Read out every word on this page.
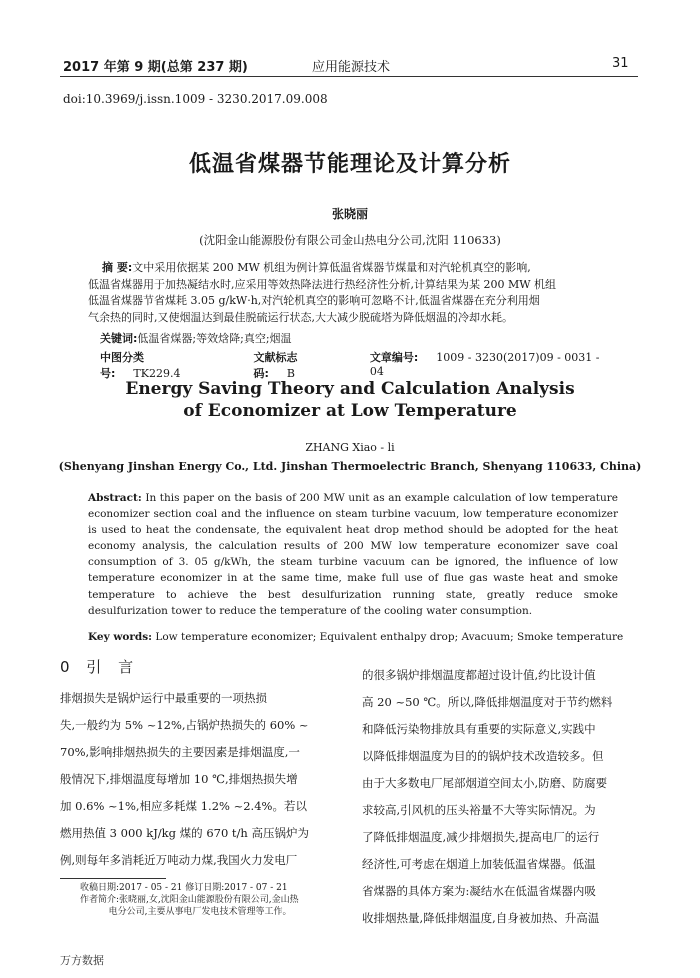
2017 年第 9 期(总第 237 期)	应用能源技术	31
doi:10.3969/j.issn.1009 - 3230.2017.09.008
低温省煤器节能理论及计算分析
张晓丽
(沈阳金山能源股份有限公司金山热电分公司,沈阳 110633)

摘 要:文中采用依据某 200 MW 机组为例计算低温省煤器节煤量和对汽轮机真空的影响,

低温省煤器用于加热凝结水时,应采用等效热降法进行热经济性分析,计算结果为某 200 MW 机组

低温省煤器节省煤耗 3.05 g/kW·h,对汽轮机真空的影响可忽略不计,低温省煤器在充分利用烟

气余热的同时,又使烟温达到最佳脱硫运行状态,大大减少脱硫塔为降低烟温的冷却水耗。

关键词:低温省煤器;等效焓降;真空;烟温
中图分类号: TK229.4
文献标志码: B
文章编号: 1009 - 3230(2017)09 - 0031 - 04
Energy Saving Theory and Calculation Analysis
of Economizer at Low Temperature
ZHANG Xiao - li
(Shenyang Jinshan Energy Co., Ltd. Jinshan Thermoelectric Branch, Shenyang 110633, China)

Abstract: In this paper on the basis of 200 MW unit as an example calculation of low temperature economizer section coal and the influence on steam turbine vacuum, low temperature economizer is used to heat the condensate, the equivalent heat drop method should be adopted for the heat economy analysis, the calculation results of 200 MW low temperature economizer save coal consumption of 3. 05 g/kWh, the steam turbine vacuum can be ignored, the influence of low temperature economizer in at the same time, make full use of flue gas waste heat and smoke temperature to achieve the best desulfurization running state, greatly reduce smoke desulfurization tower to reduce the temperature of the cooling water consumption.

Key words: Low temperature economizer; Equivalent enthalpy drop; Avacuum; Smoke temperature
0 引 言

排烟损失是锅炉运行中最重要的一项热损

失,一般约为 5% ~12%,占锅炉热损失的 60% ~

70%,影响排烟热损失的主要因素是排烟温度,一

般情况下,排烟温度每增加 10 ℃,排烟热损失增

加 0.6% ~1%,相应多耗煤 1.2% ~2.4%。若以

燃用热值 3 000 kJ/kg 煤的 670 t/h 高压锅炉为

例,则每年多消耗近万吨动力煤,我国火力发电厂

的很多锅炉排烟温度都超过设计值,约比设计值

高 20 ~50 ℃。所以,降低排烟温度对于节约燃料

和降低污染物排放具有重要的实际意义,实践中

以降低排烟温度为目的的锅炉技术改造较多。但

由于大多数电厂尾部烟道空间太小,防磨、防腐要

求较高,引风机的压头裕量不大等实际情况。为

了降低排烟温度,减少排烟损失,提高电厂的运行

经济性,可考虑在烟道上加装低温省煤器。低温

省煤器的具体方案为:凝结水在低温省煤器内吸

收排烟热量,降低排烟温度,自身被加热、升高温

收稿日期:2017 - 05 - 21 修订日期:2017 - 07 - 21

作者简介:张晓丽,女,沈阳金山能源股份有限公司,金山热

电分公司,主要从事电厂发电技术管理等工作。

万方数据
